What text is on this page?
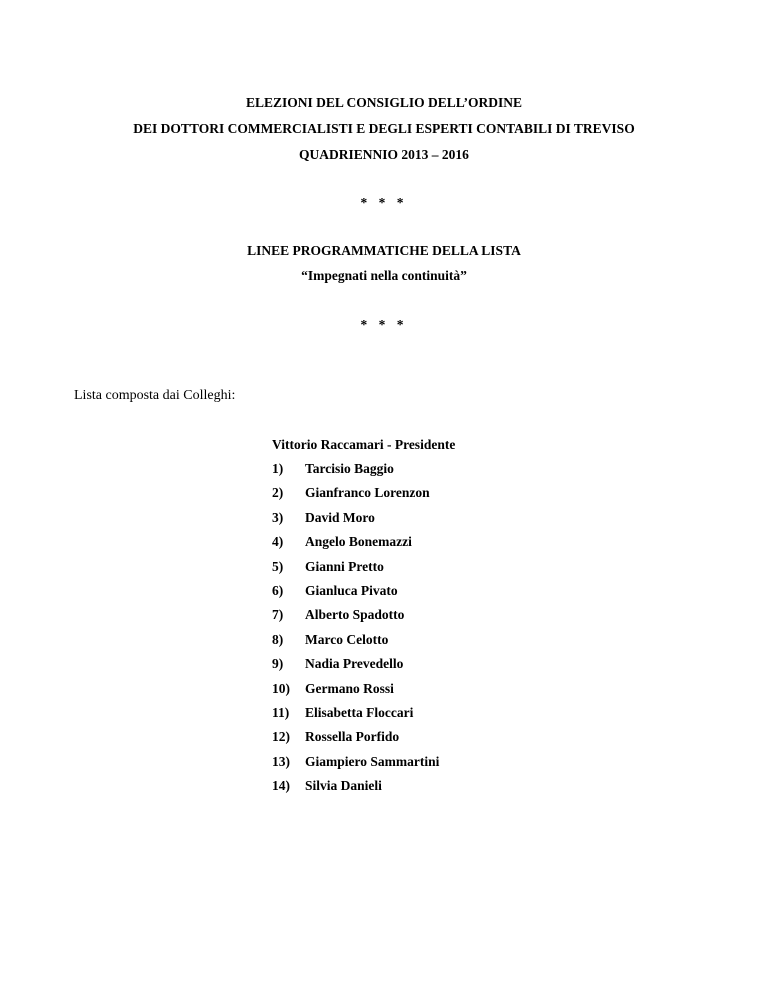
ELEZIONI DEL CONSIGLIO DELL’ORDINE
DEI DOTTORI COMMERCIALISTI E DEGLI ESPERTI CONTABILI DI TREVISO
QUADRIENNIO 2013 – 2016
* * *
LINEE PROGRAMMATICHE DELLA LISTA
“Impegnati nella continuità”
* * *
Lista composta dai Colleghi:
Vittorio Raccamari - Presidente
1) Tarcisio Baggio
2) Gianfranco Lorenzon
3) David Moro
4) Angelo Bonemazzi
5) Gianni Pretto
6) Gianluca Pivato
7) Alberto Spadotto
8) Marco Celotto
9) Nadia Prevedello
10) Germano Rossi
11) Elisabetta Floccari
12) Rossella Porfido
13) Giampiero Sammartini
14) Silvia Danieli
